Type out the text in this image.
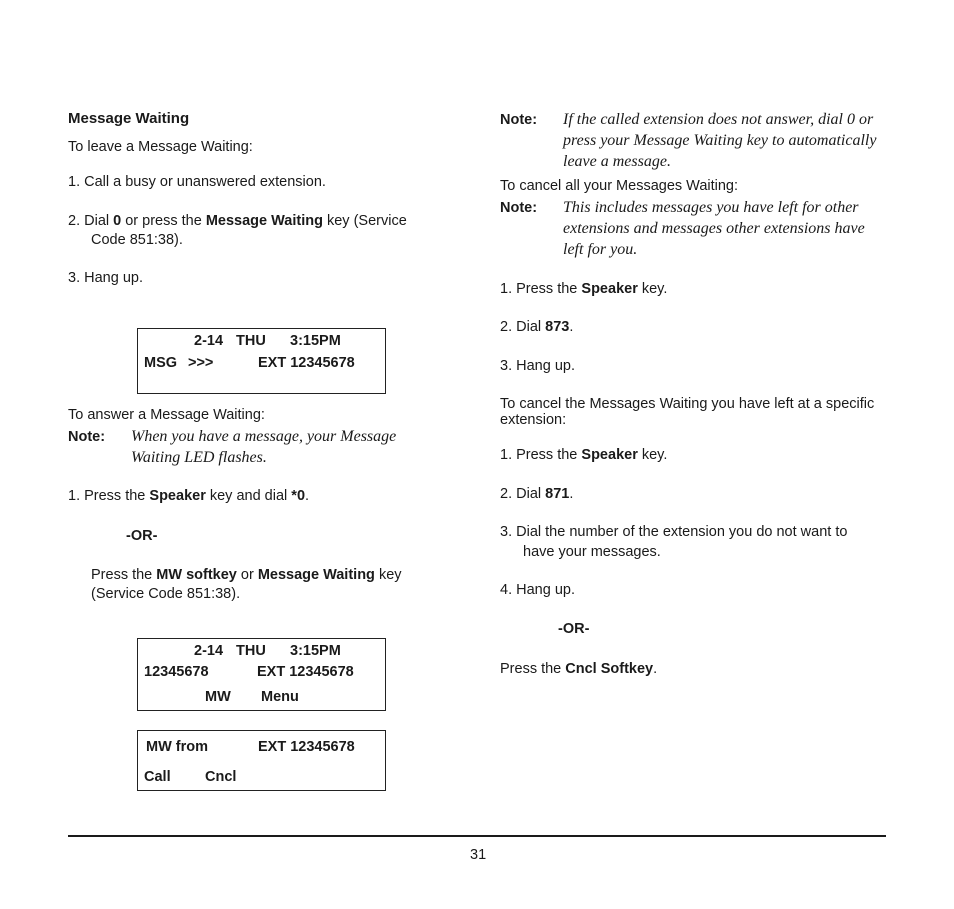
Message Waiting
To leave a Message Waiting:
1. Call a busy or unanswered extension.
2. Dial 0 or press the Message Waiting key (Service
Code 851:38).
3. Hang up.
2-14 THU 3:15PM
MSG >>>	EXT 12345678
To answer a Message Waiting:
Note: When you have a message, your Message Waiting LED flashes.
1. Press the Speaker key and dial *0.
-OR-
Press the MW softkey or Message Waiting key
(Service Code 851:38).
2-14 THU 3:15PM
12345678	EXT 12345678
MW Menu
MW from	EXT 12345678
Call Cncl
Note: If the called extension does not answer, dial 0 or press your Message Waiting key to automatically leave a message.
To cancel all your Messages Waiting:
Note: This includes messages you have left for other extensions and messages other extensions have left for you.
1. Press the Speaker key.
2. Dial 873.
3. Hang up.
To cancel the Messages Waiting you have left at a specific extension:
1. Press the Speaker key.
2. Dial 871.
3. Dial the number of the extension you do not want to
have your messages.
4. Hang up.
-OR-
Press the Cncl Softkey.
31
